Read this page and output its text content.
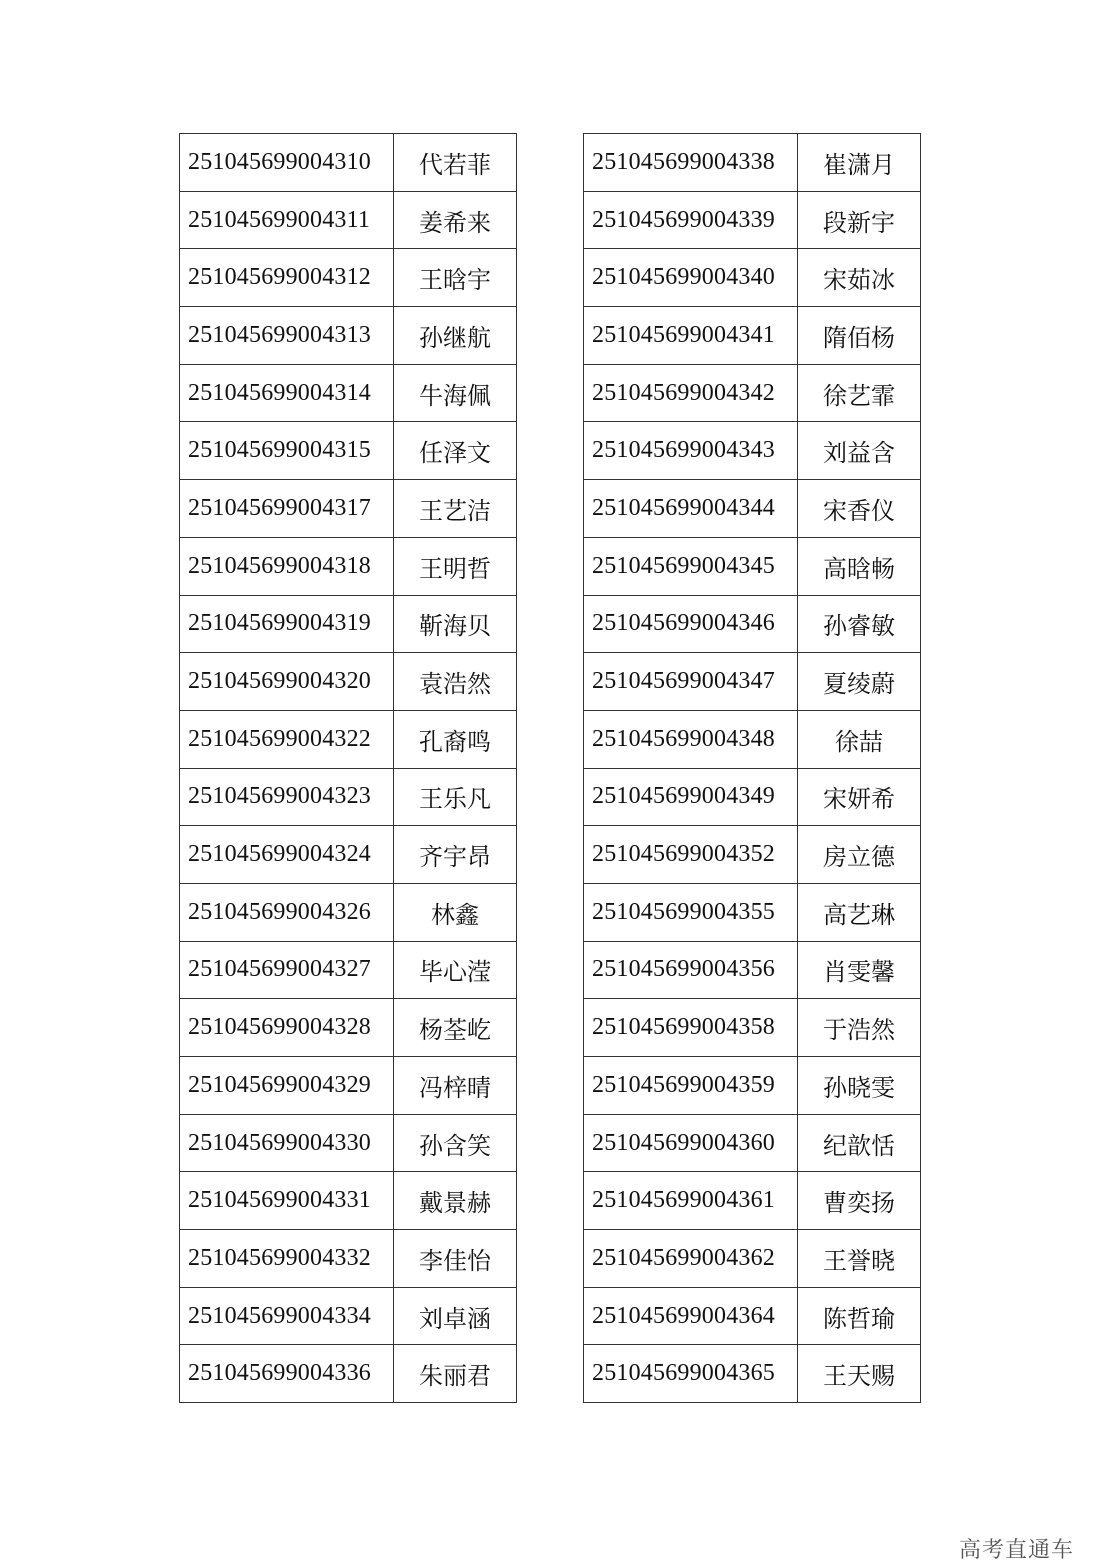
251045699004310	代若菲
251045699004311	姜希来
251045699004312	王晗宇
251045699004313	孙继航
251045699004314	牛海佩
251045699004315	任泽文
251045699004317	王艺洁
251045699004318	王明哲
251045699004319	靳海贝
251045699004320	袁浩然
251045699004322	孔裔鸣
251045699004323	王乐凡
251045699004324	齐宇昂
251045699004326	林鑫
251045699004327	毕心滢
251045699004328	杨荃屹
251045699004329	冯梓晴
251045699004330	孙含笑
251045699004331	戴景赫
251045699004332	李佳怡
251045699004334	刘卓涵
251045699004336	朱丽君
251045699004338	崔潇月
251045699004339	段新宇
251045699004340	宋茹冰
251045699004341	隋佰杨
251045699004342	徐艺霏
251045699004343	刘益含
251045699004344	宋香仪
251045699004345	高晗畅
251045699004346	孙睿敏
251045699004347	夏绫蔚
251045699004348	徐喆
251045699004349	宋妍希
251045699004352	房立德
251045699004355	高艺琳
251045699004356	肖雯馨
251045699004358	于浩然
251045699004359	孙晓雯
251045699004360	纪歆恬
251045699004361	曹奕扬
251045699004362	王誉晓
251045699004364	陈哲瑜
251045699004365	王天赐
高考直通车
